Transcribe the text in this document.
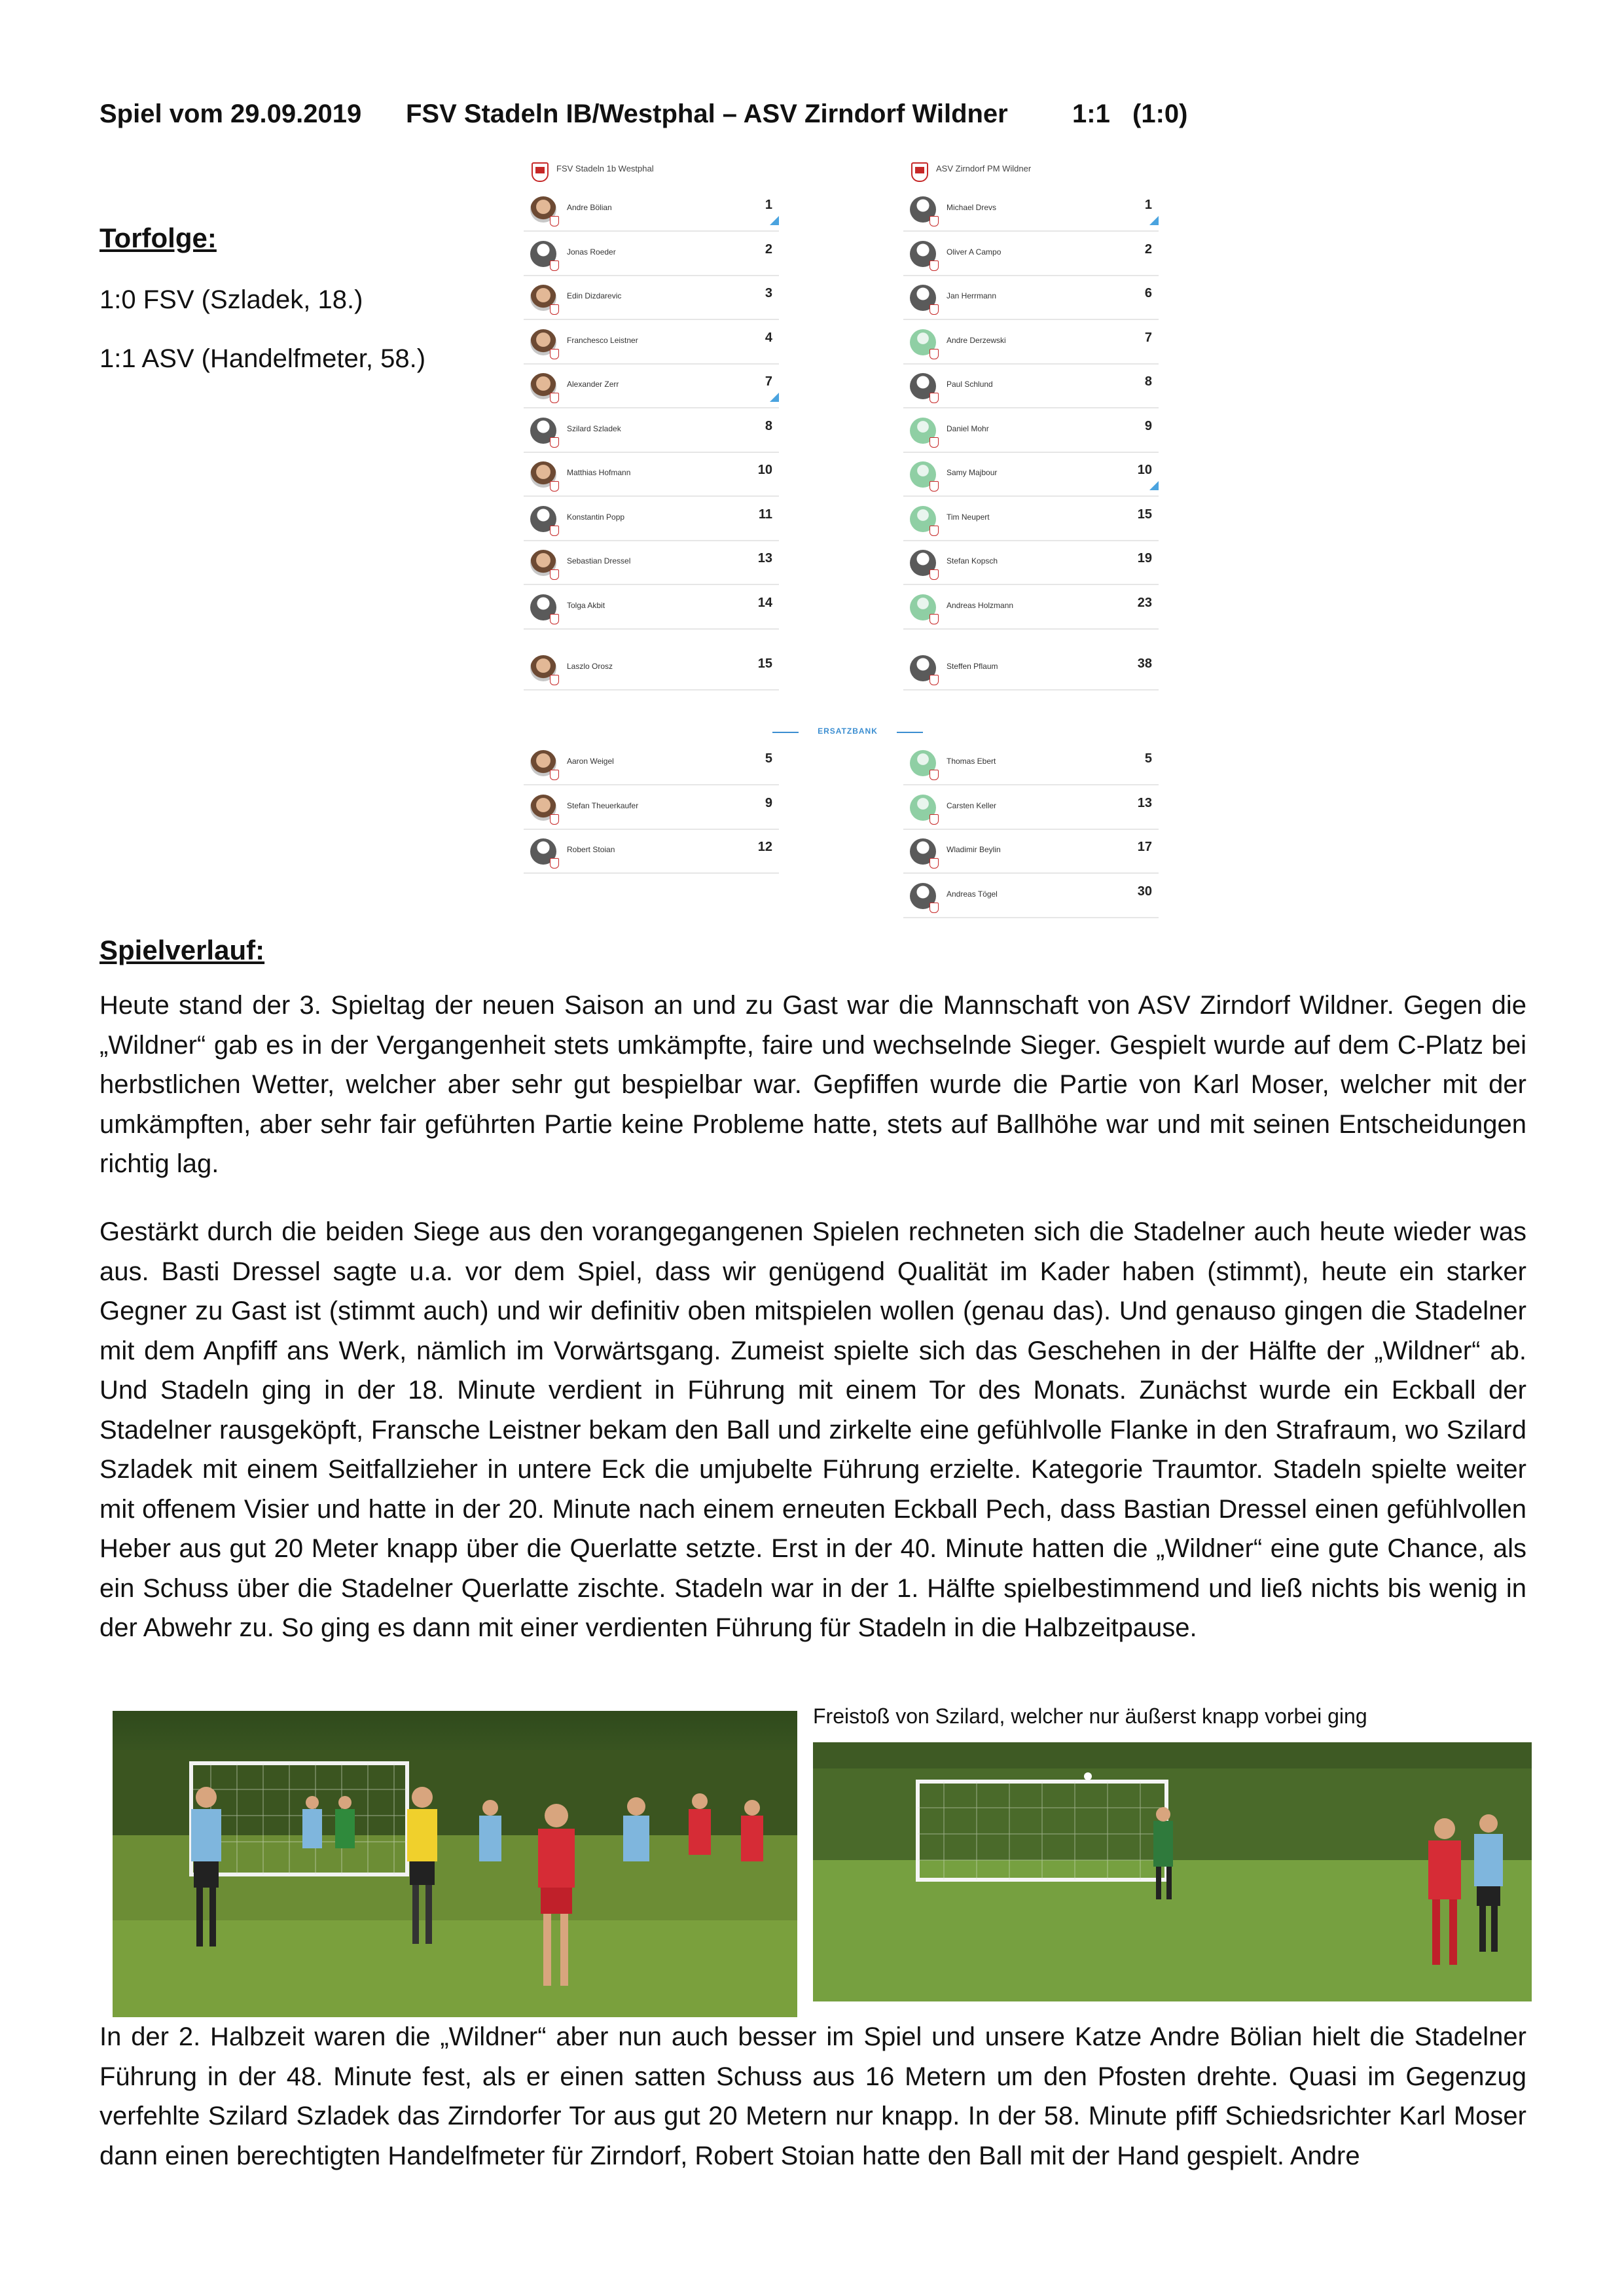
Spiel vom 29.09.2019 FSV Stadeln IB/Westphal – ASV Zirndorf Wildner 1:1 (1:0)
Torfolge:
1:0 FSV (Szladek, 18.)
1:1 ASV (Handelfmeter, 58.)
FSV Stadeln 1b Westphal	ASV Zirndorf PM Wildner
ERSATZBANK
Andre Bölian	1
Jonas Roeder	2
Edin Dizdarevic	3
Franchesco Leistner	4
Alexander Zerr	7
Szilard Szladek	8
Matthias Hofmann	10
Konstantin Popp	11
Sebastian Dressel	13
Tolga Akbit	14
Laszlo Orosz	15
Michael Drevs	1
Oliver A Campo	2
Jan Herrmann	6
Andre Derzewski	7
Paul Schlund	8
Daniel Mohr	9
Samy Majbour	10
Tim Neupert	15
Stefan Kopsch	19
Andreas Holzmann	23
Steffen Pflaum	38
Aaron Weigel	5
Stefan Theuerkaufer	9
Robert Stoian	12
Thomas Ebert	5
Carsten Keller	13
Wladimir Beylin	17
Andreas Tögel	30
Spielverlauf:

Heute stand der 3. Spieltag der neuen Saison an und zu Gast war die Mannschaft von ASV Zirndorf Wildner. Gegen die „Wildner“ gab es in der Vergangenheit stets umkämpfte, faire und wechselnde Sieger. Gespielt wurde auf dem C-Platz bei herbstlichen Wetter, welcher aber sehr gut bespielbar war. Gepfiffen wurde die Partie von Karl Moser, welcher mit der umkämpften, aber sehr fair geführten Partie keine Probleme hatte, stets auf Ballhöhe war und mit seinen Entscheidungen richtig lag.

Gestärkt durch die beiden Siege aus den vorangegangenen Spielen rechneten sich die Stadelner auch heute wieder was aus. Basti Dressel sagte u.a. vor dem Spiel, dass wir genügend Qualität im Kader haben (stimmt), heute ein starker Gegner zu Gast ist (stimmt auch) und wir definitiv oben mitspielen wollen (genau das). Und genauso gingen die Stadelner mit dem Anpfiff ans Werk, nämlich im Vorwärtsgang. Zumeist spielte sich das Geschehen in der Hälfte der „Wildner“ ab. Und Stadeln ging in der 18. Minute verdient in Führung mit einem Tor des Monats. Zunächst wurde ein Eckball der Stadelner rausgeköpft, Fransche Leistner bekam den Ball und zirkelte eine gefühlvolle Flanke in den Strafraum, wo Szilard Szladek mit einem Seitfallzieher in untere Eck die umjubelte Führung erzielte. Kategorie Traumtor. Stadeln spielte weiter mit offenem Visier und hatte in der 20. Minute nach einem erneuten Eckball Pech, dass Bastian Dressel einen gefühlvollen Heber aus gut 20 Meter knapp über die Querlatte setzte. Erst in der 40. Minute hatten die „Wildner“ eine gute Chance, als ein Schuss über die Stadelner Querlatte zischte. Stadeln war in der 1. Hälfte spielbestimmend und ließ nichts bis wenig in der Abwehr zu. So ging es dann mit einer verdienten Führung für Stadeln in die Halbzeitpause.

Freistoß von Szilard, welcher nur äußerst knapp vorbei ging

In der 2. Halbzeit waren die „Wildner“ aber nun auch besser im Spiel und unsere Katze Andre Bölian hielt die Stadelner Führung in der 48. Minute fest, als er einen satten Schuss aus 16 Metern um den Pfosten drehte. Quasi im Gegenzug verfehlte Szilard Szladek das Zirndorfer Tor aus gut 20 Metern nur knapp. In der 58. Minute pfiff Schiedsrichter Karl Moser dann einen berechtigten Handelfmeter für Zirndorf, Robert Stoian hatte den Ball mit der Hand gespielt. Andre
